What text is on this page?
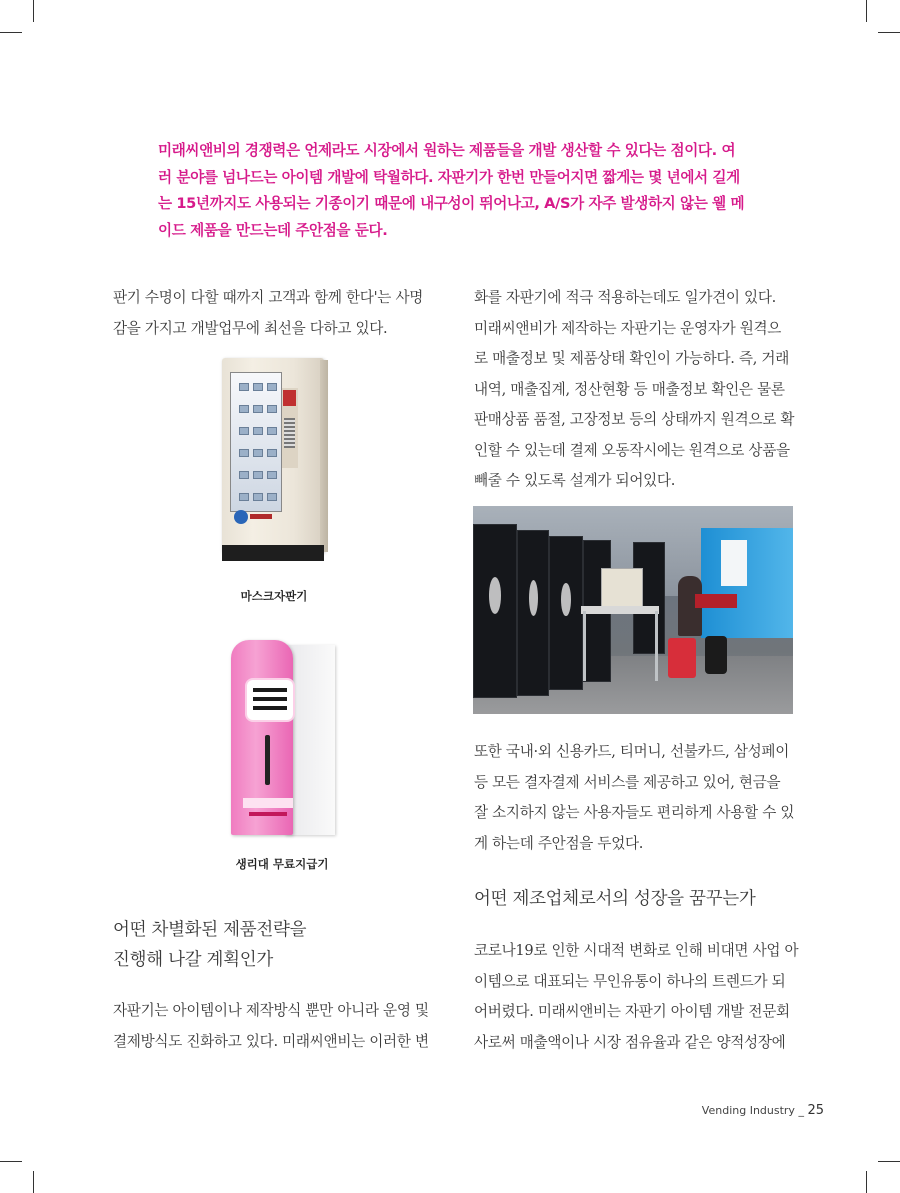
미래씨앤비의 경쟁력은 언제라도 시장에서 원하는 제품들을 개발 생산할 수 있다는 점이다. 여

러 분야를 넘나드는 아이템 개발에 탁월하다. 자판기가 한번 만들어지면 짧게는 몇 년에서 길게

는 15년까지도 사용되는 기종이기 때문에 내구성이 뛰어나고, A/S가 자주 발생하지 않는 웰 메

이드 제품을 만드는데 주안점을 둔다.

판기 수명이 다할 때까지 고객과 함께 한다'는 사명

감을 가지고 개발업무에 최선을 다하고 있다.

마스크자판기
생리대 무료지급기

어떤 차별화된 제품전략을

진행해 나갈 계획인가

자판기는 아이템이나 제작방식 뿐만 아니라 운영 및

결제방식도 진화하고 있다. 미래씨앤비는 이러한 변

화를 자판기에 적극 적용하는데도 일가견이 있다.

미래씨앤비가 제작하는 자판기는 운영자가 원격으

로 매출정보 및 제품상태 확인이 가능하다. 즉, 거래

내역, 매출집계, 정산현황 등 매출정보 확인은 물론

판매상품 품절, 고장정보 등의 상태까지 원격으로 확

인할 수 있는데 결제 오동작시에는 원격으로 상품을

빼줄 수 있도록 설계가 되어있다.

또한 국내·외 신용카드, 티머니, 선불카드, 삼성페이

등 모든 결자결제 서비스를 제공하고 있어, 현금을

잘 소지하지 않는 사용자들도 편리하게 사용할 수 있

게 하는데 주안점을 두었다.

어떤 제조업체로서의 성장을 꿈꾸는가

코로나19로 인한 시대적 변화로 인해 비대면 사업 아

이템으로 대표되는 무인유통이 하나의 트렌드가 되

어버렸다. 미래씨앤비는 자판기 아이템 개발 전문회

사로써 매출액이나 시장 점유율과 같은 양적성장에

Vending Industry _ 25
